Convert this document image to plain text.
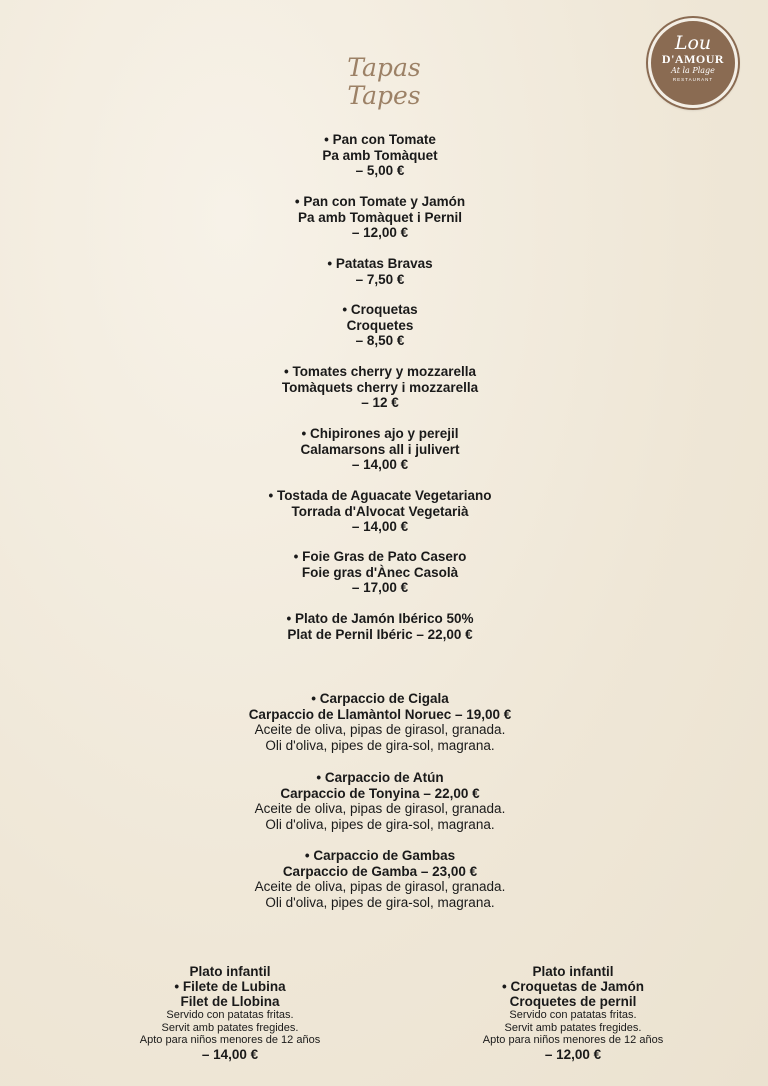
Lou
D'AMOUR
At la Plage
RESTAURANT
Tapas
Tapes
• Pan con Tomate
Pa amb Tomàquet
– 5,00 €
• Pan con Tomate y Jamón
Pa amb Tomàquet i Pernil
– 12,00 €
• Patatas Bravas
– 7,50 €
• Croquetas
Croquetes
– 8,50 €
• Tomates cherry y mozzarella
Tomàquets cherry i mozzarella
– 12 €
• Chipirones ajo y perejil
Calamarsons all i julivert
– 14,00 €
• Tostada de Aguacate Vegetariano
Torrada d'Alvocat Vegetarià
– 14,00 €
• Foie Gras de Pato Casero
Foie gras d'Ànec Casolà
– 17,00 €
• Plato de Jamón Ibérico 50%
Plat de Pernil Ibéric – 22,00 €
• Carpaccio de Cigala
Carpaccio de Llamàntol Noruec – 19,00 €
Aceite de oliva, pipas de girasol, granada.
Oli d'oliva, pipes de gira-sol, magrana.
• Carpaccio de Atún
Carpaccio de Tonyina – 22,00 €
Aceite de oliva, pipas de girasol, granada.
Oli d'oliva, pipes de gira-sol, magrana.
• Carpaccio de Gambas
Carpaccio de Gamba – 23,00 €
Aceite de oliva, pipas de girasol, granada.
Oli d'oliva, pipes de gira-sol, magrana.
Plato infantil
• Filete de Lubina
Filet de Llobina
Servido con patatas fritas.
Servit amb patates fregides.
Apto para niños menores de 12 años
– 14,00 €
Plato infantil
• Croquetas de Jamón
Croquetes de pernil
Servido con patatas fritas.
Servit amb patates fregides.
Apto para niños menores de 12 años
– 12,00 €
